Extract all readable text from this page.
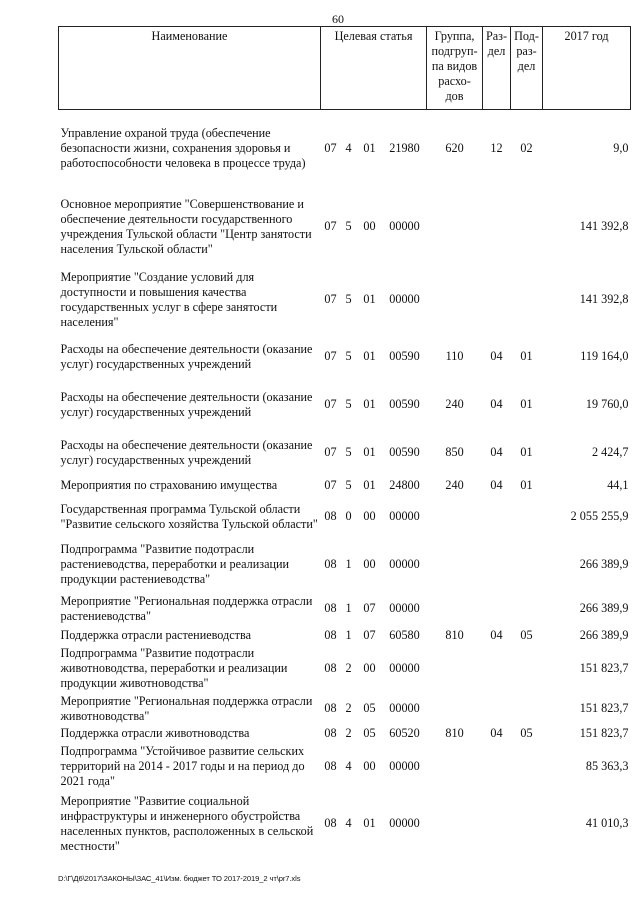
60
Наименование	Целевая статья				Группа, подгруп- па видов расхо- дов	Раз- дел	Под- раз- дел	2017 год
Управление охраной труда (обеспечение безопасности жизни, сохранения здоровья и работоспособности человека в процессе труда)	07	4	01	21980	620	12	02	9,0
Основное мероприятие "Совершенствование и обеспечение деятельности государственного учреждения Тульской области "Центр занятости населения Тульской области"	07	5	00	00000				141 392,8
Мероприятие "Создание условий для доступности и повышения качества государственных услуг в сфере занятости населения"	07	5	01	00000				141 392,8
Расходы на обеспечение деятельности (оказание услуг) государственных учреждений	07	5	01	00590	110	04	01	119 164,0
Расходы на обеспечение деятельности (оказание услуг) государственных учреждений	07	5	01	00590	240	04	01	19 760,0
Расходы на обеспечение деятельности (оказание услуг) государственных учреждений	07	5	01	00590	850	04	01	2 424,7
Мероприятия по страхованию имущества	07	5	01	24800	240	04	01	44,1
Государственная программа Тульской области "Развитие сельского хозяйства Тульской области"	08	0	00	00000				2 055 255,9
Подпрограмма "Развитие подотрасли растениеводства, переработки и реализации продукции растениеводства"	08	1	00	00000				266 389,9
Мероприятие "Региональная поддержка отрасли растениеводства"	08	1	07	00000				266 389,9
Поддержка отрасли растениеводства	08	1	07	60580	810	04	05	266 389,9
Подпрограмма "Развитие подотрасли животноводства, переработки и реализации продукции животноводства"	08	2	00	00000				151 823,7
Мероприятие "Региональная поддержка отрасли животноводства"	08	2	05	00000				151 823,7
Поддержка отрасли животноводства	08	2	05	60520	810	04	05	151 823,7
Подпрограмма "Устойчивое развитие сельских территорий на 2014 - 2017 годы и на период до 2021 года"	08	4	00	00000				85 363,3
Мероприятие "Развитие социальной инфраструктуры и инженерного обустройства населенных пунктов, расположенных в сельской местности"	08	4	01	00000				41 010,3
D:\Г\Д6\2017\ЗАКОНЫ\ЗАС_41\Изм. бюджет ТО 2017-2019_2 чт\pr7.xls
